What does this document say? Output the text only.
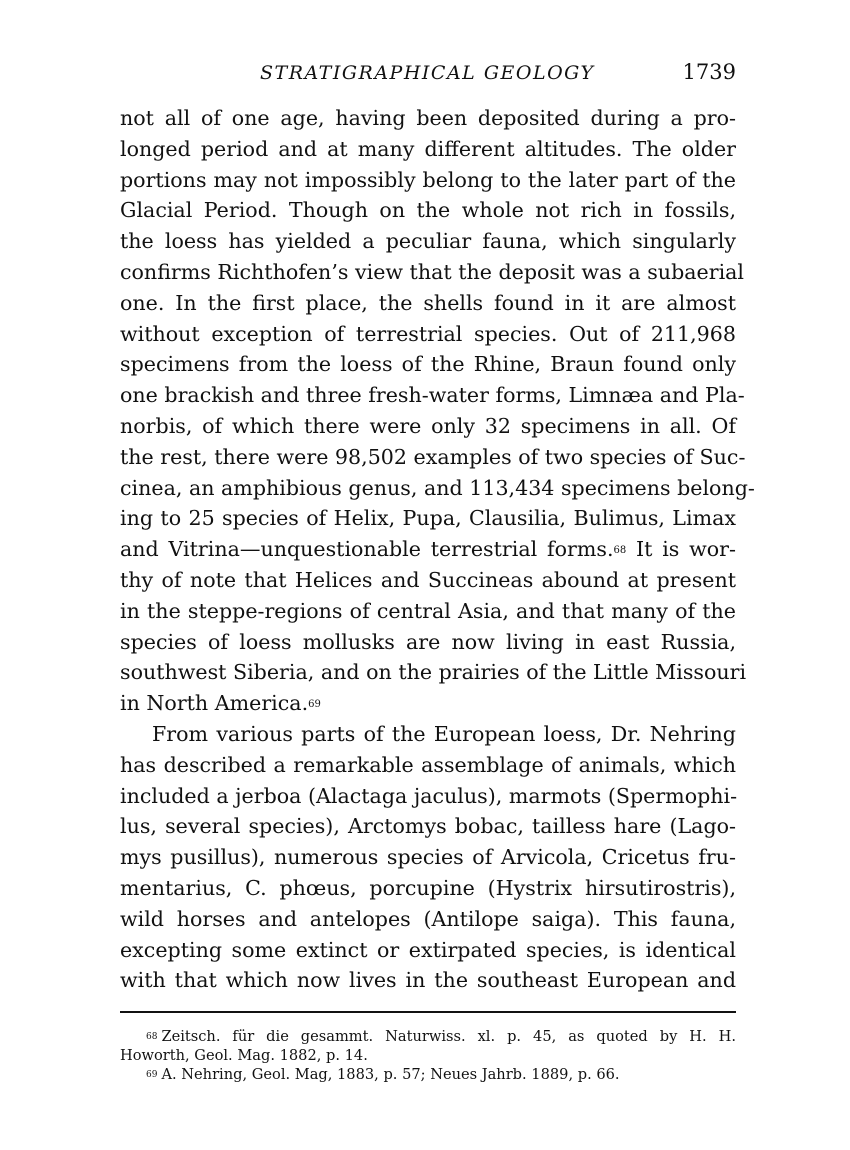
STRATIGRAPHICAL GEOLOGY	1739
not all of one age, having been deposited during a pro-
longed period and at many different altitudes. The older
portions may not impossibly belong to the later part of the
Glacial Period. Though on the whole not rich in fossils,
the loess has yielded a peculiar fauna, which singularly
confirms Richthofen’s view that the deposit was a subaerial
one. In the first place, the shells found in it are almost
without exception of terrestrial species. Out of 211,968
specimens from the loess of the Rhine, Braun found only
one brackish and three fresh-water forms, Limnæa and Pla-
norbis, of which there were only 32 specimens in all. Of
the rest, there were 98,502 examples of two species of Suc-
cinea, an amphibious genus, and 113,434 specimens belong-
ing to 25 species of Helix, Pupa, Clausilia, Bulimus, Limax
and Vitrina—unquestionable terrestrial forms.$^{68}$ It is wor-
thy of note that Helices and Succineas abound at present
in the steppe-regions of central Asia, and that many of the
species of loess mollusks are now living in east Russia,
southwest Siberia, and on the prairies of the Little Missouri
in North America.$^{69}$
From various parts of the European loess, Dr. Nehring
has described a remarkable assemblage of animals, which
included a jerboa (Alactaga jaculus), marmots (Spermophi-
lus, several species), Arctomys bobac, tailless hare (Lago-
mys pusillus), numerous species of Arvicola, Cricetus fru-
mentarius, C. phœus, porcupine (Hystrix hirsutirostris),
wild horses and antelopes (Antilope saiga). This fauna,
excepting some extinct or extirpated species, is identical
with that which now lives in the southeast European and
$^{68}$ Zeitsch. für die gesammt. Naturwiss. xl. p. 45, as quoted by H. H.
Howorth, Geol. Mag. 1882, p. 14.
$^{69}$ A. Nehring, Geol. Mag, 1883, p. 57; Neues Jahrb. 1889, p. 66.
